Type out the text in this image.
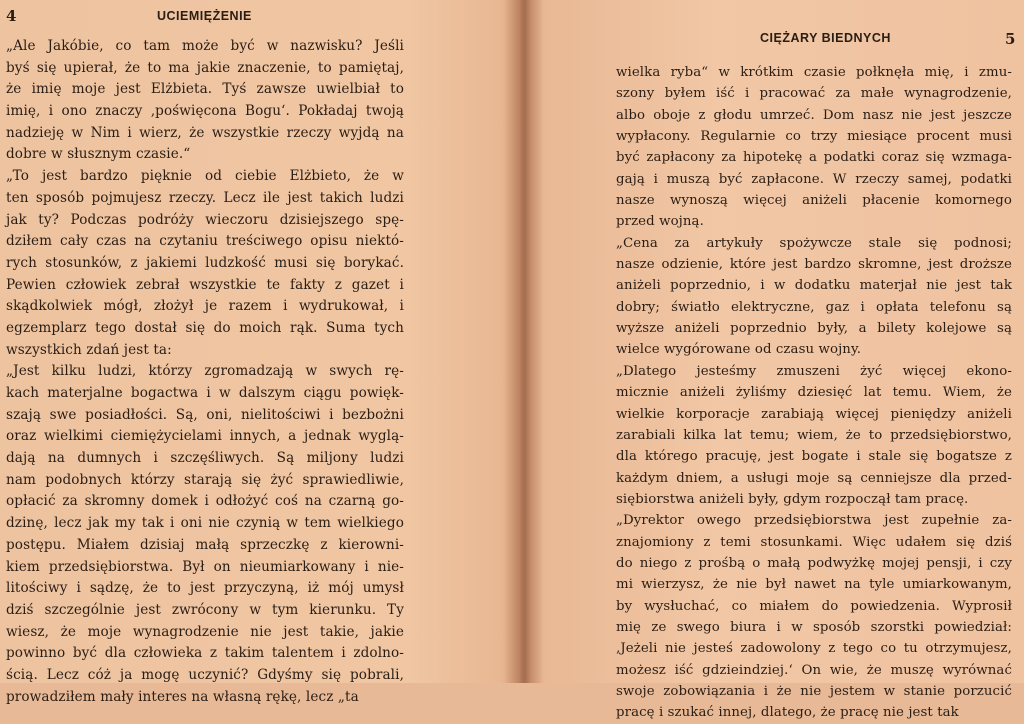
4	UCIEMIĘŻENIE
„Ale Jakóbie, co tam może być w nazwisku? Jeśli
byś się upierał, że to ma jakie znaczenie, to pamiętaj,
że imię moje jest Elżbieta. Tyś zawsze uwielbiał to
imię, i ono znaczy ‚poświęcona Bogu‘. Pokładaj twoją
nadzieję w Nim i wierz, że wszystkie rzeczy wyjdą na
dobre w słusznym czasie.“
„To jest bardzo pięknie od ciebie Elżbieto, że w
ten sposób pojmujesz rzeczy. Lecz ile jest takich ludzi
jak ty? Podczas podróży wieczoru dzisiejszego spę-
dziłem cały czas na czytaniu treściwego opisu niektó-
rych stosunków, z jakiemi ludzkość musi się borykać.
Pewien człowiek zebrał wszystkie te fakty z gazet i
skądkolwiek mógł, złożył je razem i wydrukował, i
egzemplarz tego dostał się do moich rąk. Suma tych
wszystkich zdań jest ta:
„Jest kilku ludzi, którzy zgromadzają w swych rę-
kach materjalne bogactwa i w dalszym ciągu powięk-
szają swe posiadłości. Są, oni, nielitościwi i bezbożni
oraz wielkimi ciemiężycielami innych, a jednak wyglą-
dają na dumnych i szczęśliwych. Są miljony ludzi
nam podobnych którzy starają się żyć sprawiedliwie,
opłacić za skromny domek i odłożyć coś na czarną go-
dzinę, lecz jak my tak i oni nie czynią w tem wielkiego
postępu. Miałem dzisiaj małą sprzeczkę z kierowni-
kiem przedsiębiorstwa. Był on nieumiarkowany i nie-
litościwy i sądzę, że to jest przyczyną, iż mój umysł
dziś szczególnie jest zwrócony w tym kierunku. Ty
wiesz, że moje wynagrodzenie nie jest takie, jakie
powinno być dla człowieka z takim talentem i zdolno-
ścią. Lecz cóż ja mogę uczynić? Gdyśmy się pobrali,
prowadziłem mały interes na własną rękę, lecz „ta
CIĘŻARY BIEDNYCH	5
wielka ryba“ w krótkim czasie połknęła mię, i zmu-
szony byłem iść i pracować za małe wynagrodzenie,
albo oboje z głodu umrzeć. Dom nasz nie jest jeszcze
wypłacony. Regularnie co trzy miesiące procent musi
być zapłacony za hipotekę a podatki coraz się wzmaga-
gają i muszą być zapłacone. W rzeczy samej, podatki
nasze wynoszą więcej aniżeli płacenie komornego
przed wojną.
„Cena za artykuły spożywcze stale się podnosi;
nasze odzienie, które jest bardzo skromne, jest droższe
aniżeli poprzednio, i w dodatku materjał nie jest tak
dobry; światło elektryczne, gaz i opłata telefonu są
wyższe aniżeli poprzednio były, a bilety kolejowe są
wielce wygórowane od czasu wojny.
„Dlatego jesteśmy zmuszeni żyć więcej ekono-
micznie aniżeli żyliśmy dziesięć lat temu. Wiem, że
wielkie korporacje zarabiają więcej pieniędzy aniżeli
zarabiali kilka lat temu; wiem, że to przedsiębiorstwo,
dla którego pracuję, jest bogate i stale się bogatsze z
każdym dniem, a usługi moje są cenniejsze dla przed-
siębiorstwa aniżeli były, gdym rozpoczął tam pracę.
„Dyrektor owego przedsiębiorstwa jest zupełnie za-
znajomiony z temi stosunkami. Więc udałem się dziś
do niego z prośbą o małą podwyżkę mojej pensji, i czy
mi wierzysz, że nie był nawet na tyle umiarkowanym,
by wysłuchać, co miałem do powiedzenia. Wyprosił
mię ze swego biura i w sposób szorstki powiedział:
‚Jeżeli nie jesteś zadowolony z tego co tu otrzymujesz,
możesz iść gdzieindziej.‘ On wie, że muszę wyrównać
swoje zobowiązania i że nie jestem w stanie porzucić
pracę i szukać innej, dlatego, że pracę nie jest tak
